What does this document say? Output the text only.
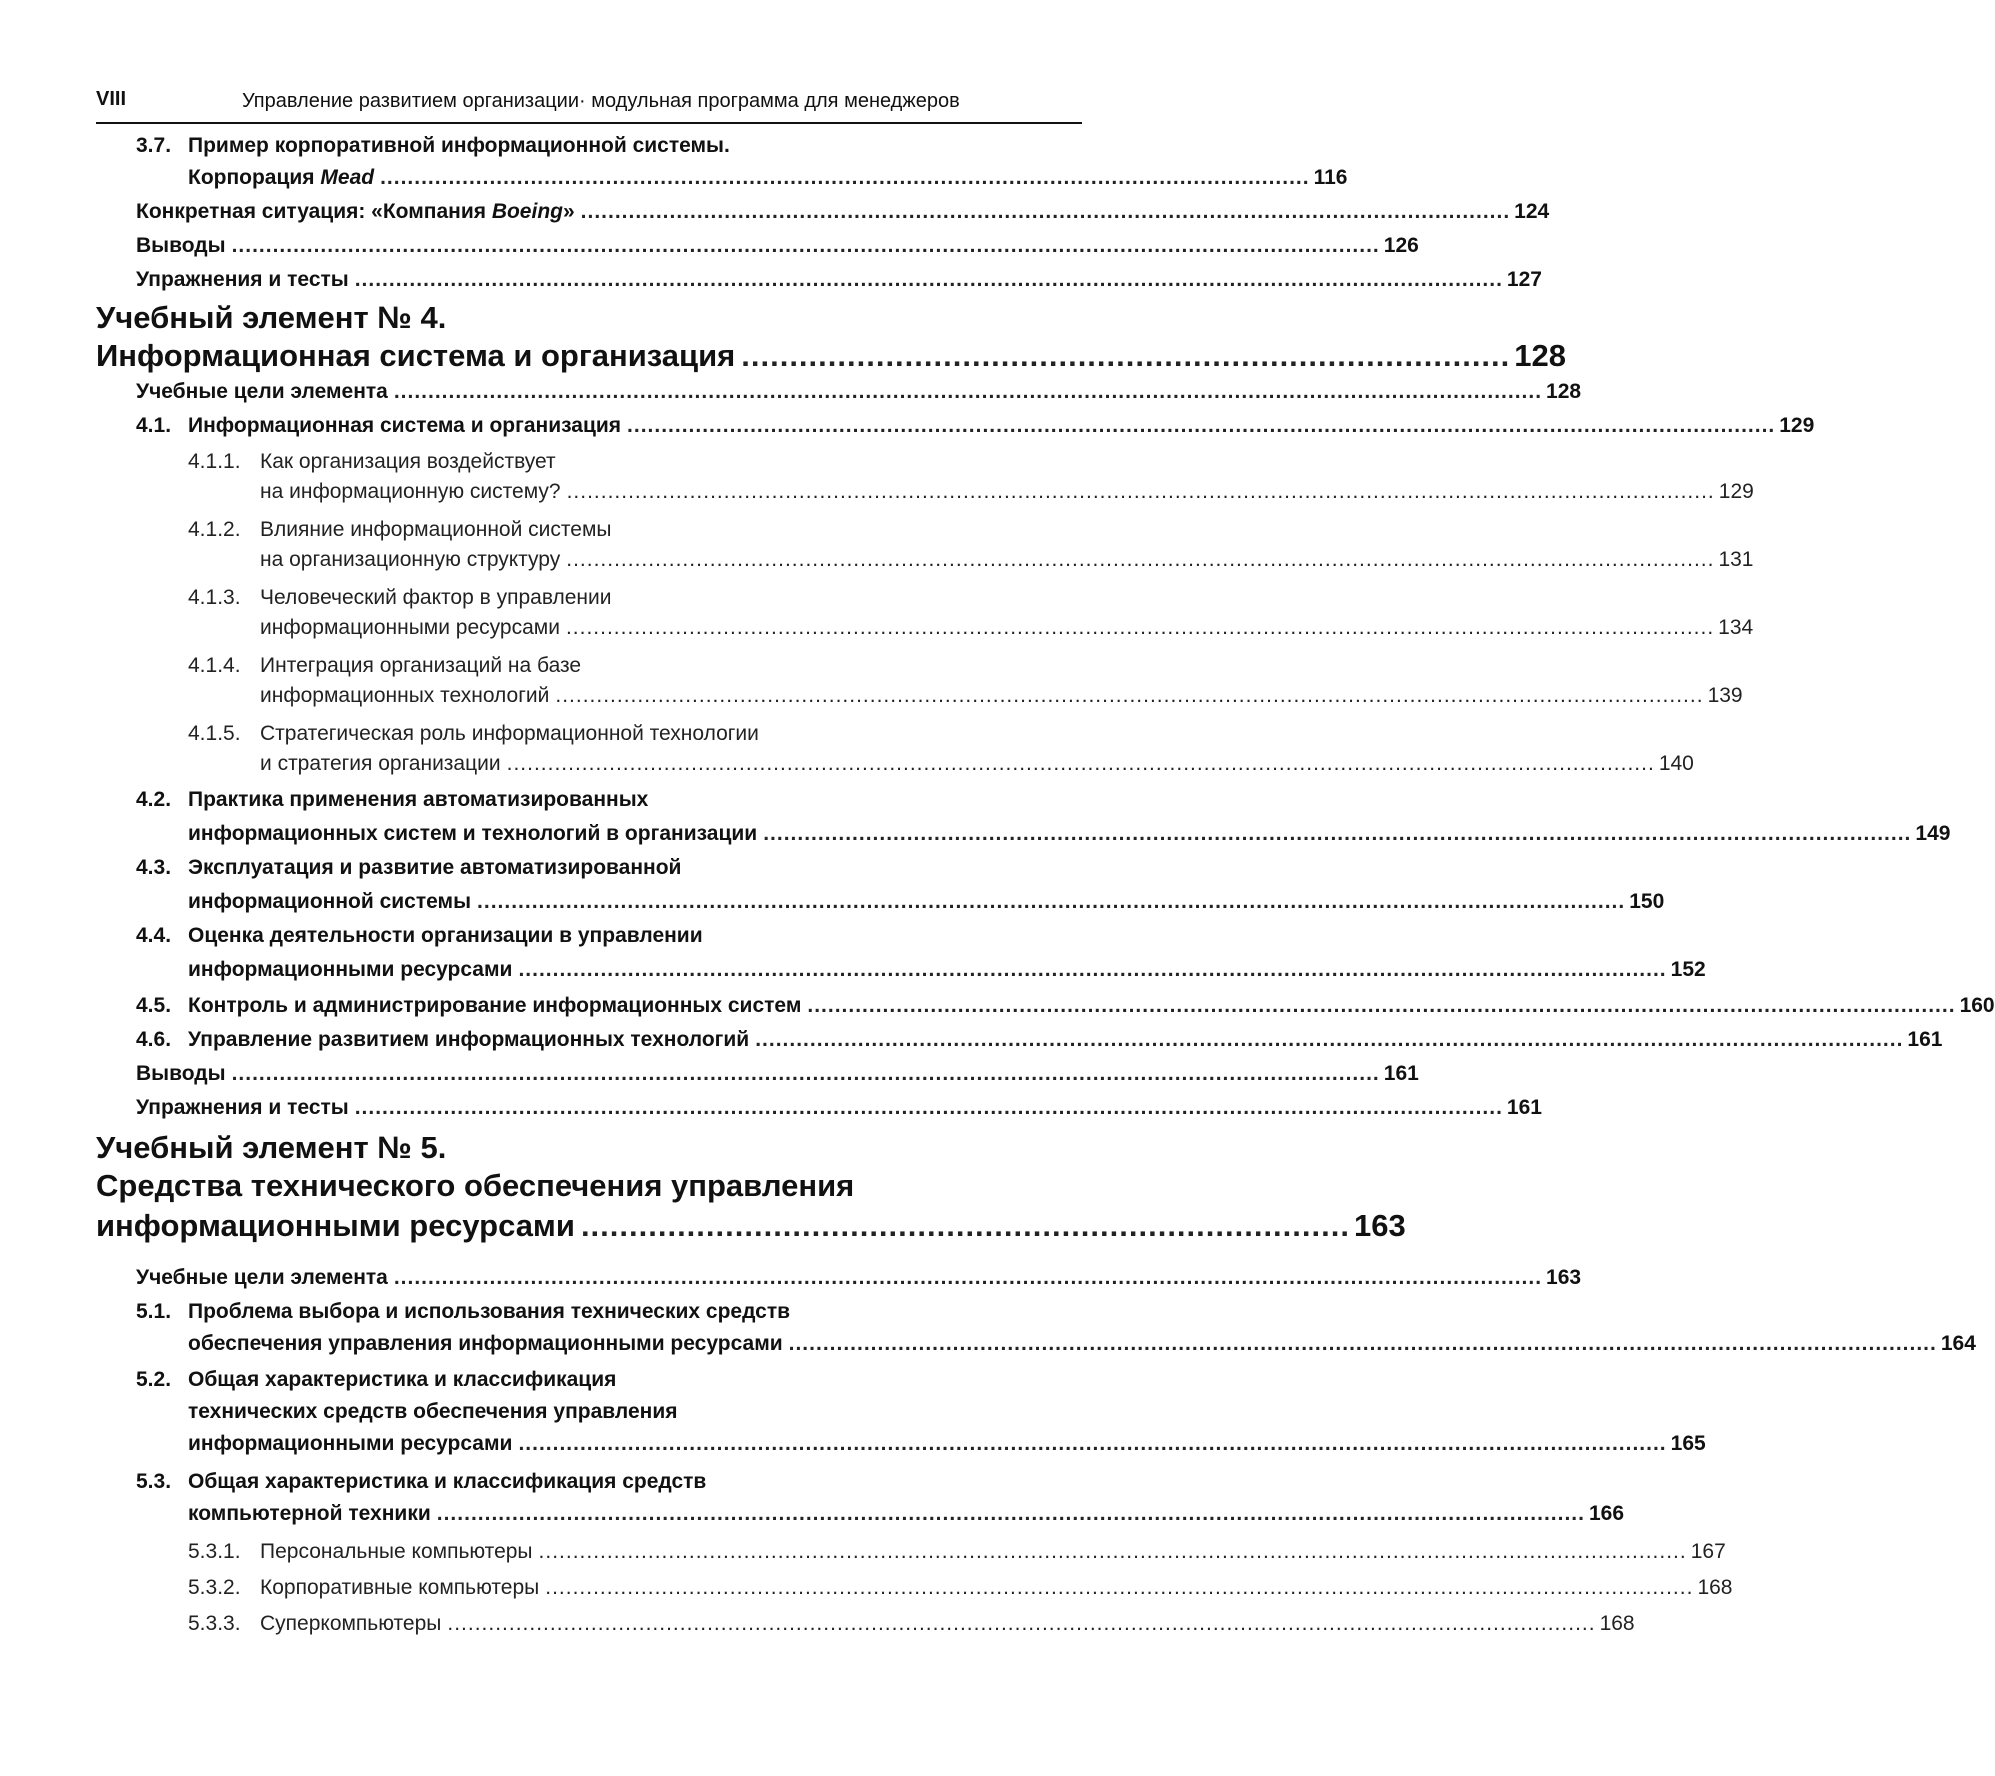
VIII	Управление развитием организации· модульная программа для менеджеров
3.7. Пример корпоративной информационной системы.
Корпорация Mead ........................................................................................................................................ 116
Конкретная ситуация: «Компания Boeing» ........................................................................................................................................ 124
Выводы ........................................................................................................................................................................ 126
Упражнения и тесты ........................................................................................................................................................................ 127
Учебный элемент № 4.
Информационная система и организация ................................................................................ 128
Учебные цели элемента ........................................................................................................................................................................ 128
4.1. Информационная система и организация ........................................................................................................................................................................ 129
4.1.1. Как организация воздействует
на информационную систему? ........................................................................................................................................................................ 129
4.1.2. Влияние информационной системы
на организационную структуру ........................................................................................................................................................................ 131
4.1.3. Человеческий фактор в управлении
информационными ресурсами ........................................................................................................................................................................ 134
4.1.4. Интеграция организаций на базе
информационных технологий ........................................................................................................................................................................ 139
4.1.5. Стратегическая роль информационной технологии
и стратегия организации ........................................................................................................................................................................ 140
4.2. Практика применения автоматизированных
информационных систем и технологий в организации ........................................................................................................................................................................ 149
4.3. Эксплуатация и развитие автоматизированной
информационной системы ........................................................................................................................................................................ 150
4.4. Оценка деятельности организации в управлении
информационными ресурсами ........................................................................................................................................................................ 152
4.5. Контроль и администрирование информационных систем ........................................................................................................................................................................ 160
4.6. Управление развитием информационных технологий ........................................................................................................................................................................ 161
Выводы ........................................................................................................................................................................ 161
Упражнения и тесты ........................................................................................................................................................................ 161
Учебный элемент № 5.
Средства технического обеспечения управления
информационными ресурсами ................................................................................ 163
Учебные цели элемента ........................................................................................................................................................................ 163
5.1. Проблема выбора и использования технических средств
обеспечения управления информационными ресурсами ........................................................................................................................................................................ 164
5.2. Общая характеристика и классификация
технических средств обеспечения управления
информационными ресурсами ........................................................................................................................................................................ 165
5.3. Общая характеристика и классификация средств
компьютерной техники ........................................................................................................................................................................ 166
5.3.1. Персональные компьютеры ........................................................................................................................................................................ 167
5.3.2. Корпоративные компьютеры ........................................................................................................................................................................ 168
5.3.3. Суперкомпьютеры ........................................................................................................................................................................ 168
